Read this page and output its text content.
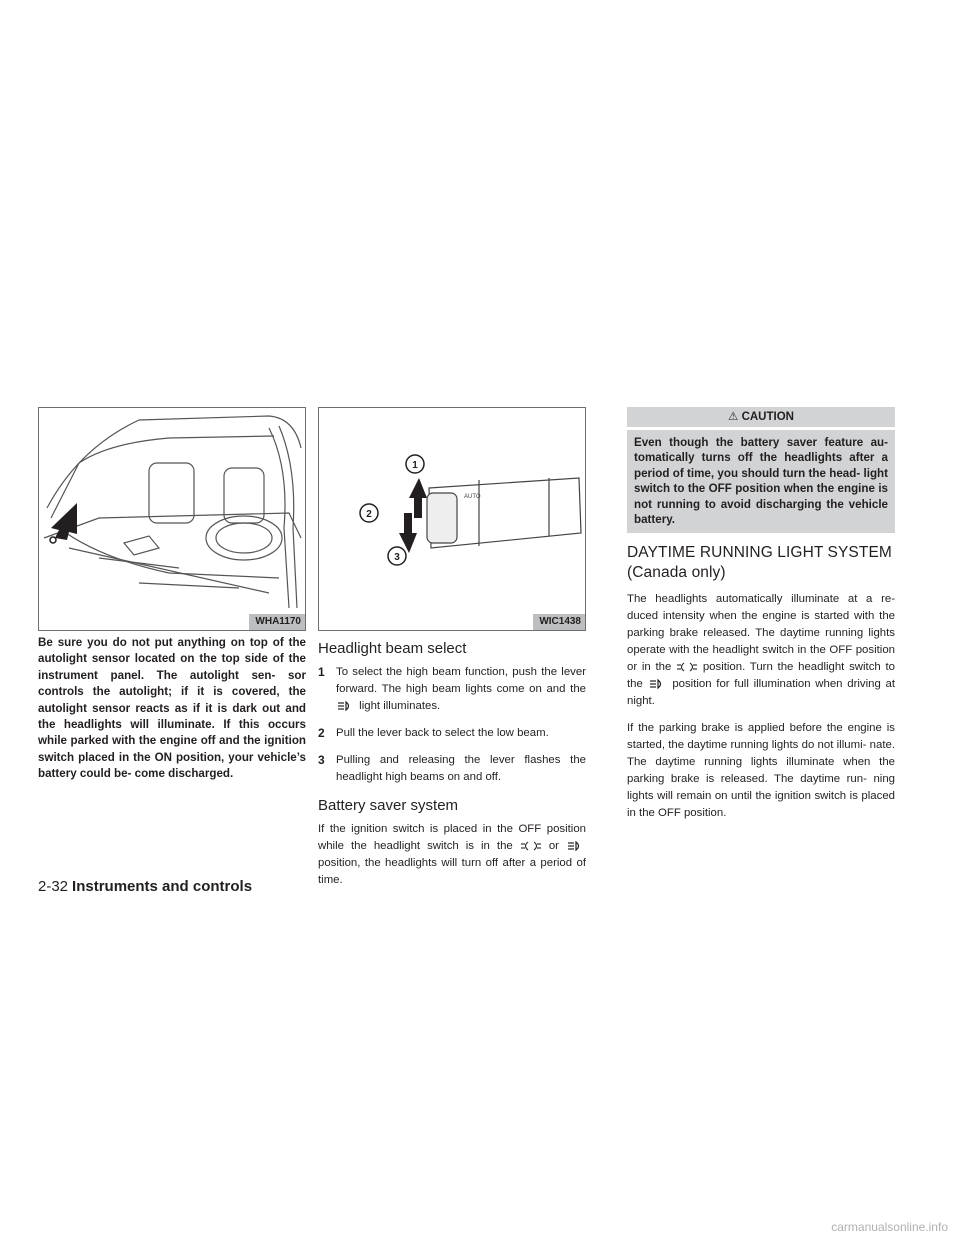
WHA1170

Be sure you do not put anything on top of the autolight sensor located on the top side of the instrument panel. The autolight sen- sor controls the autolight; if it is covered, the autolight sensor reacts as if it is dark out and the headlights will illuminate. If this occurs while parked with the engine off and the ignition switch placed in the ON position, your vehicle’s battery could be- come discharged.

AUTO
1
2
3
WIC1438
Headlight beam select
1 To select the high beam function, push the lever forward. The high beam lights come on and the  light illuminates.
2 Pull the lever back to select the low beam.
3 Pulling and releasing the lever flashes the headlight high beams on and off.
Battery saver system

If the ignition switch is placed in the OFF position while the headlight switch is in the	or  position, the headlights will turn off after a period of time.

⚠ CAUTION
Even though the battery saver feature au- tomatically turns off the headlights after a period of time, you should turn the head- light switch to the OFF position when the engine is not running to avoid discharging the vehicle battery.
DAYTIME RUNNING LIGHT SYSTEM (Canada only)

The headlights automatically illuminate at a re- duced intensity when the engine is started with the parking brake released. The daytime running lights operate with the headlight switch in the OFF position or in the	position. Turn the headlight switch to the	position for full illumination when driving at night.

If the parking brake is applied before the engine is started, the daytime running lights do not illumi- nate. The daytime running lights illuminate when the parking brake is released. The daytime run- ning lights will remain on until the ignition switch is placed in the OFF position.

2-32 Instruments and controls
carmanualsonline.info
